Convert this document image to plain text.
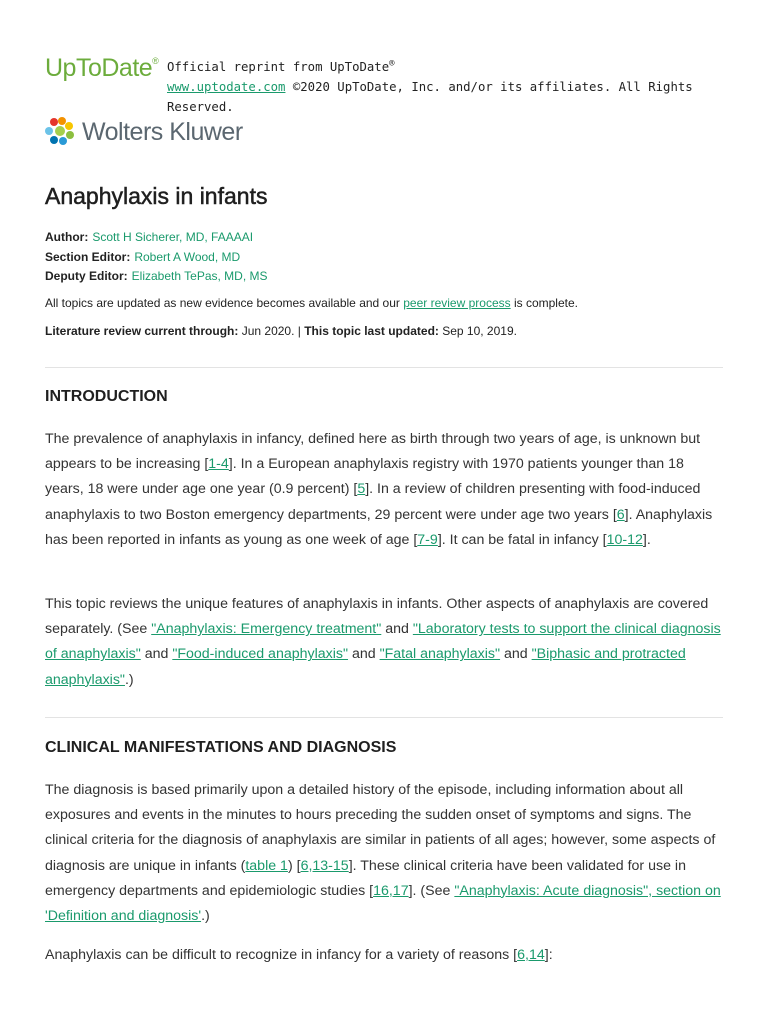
UpToDate® Official reprint from UpToDate®
www.uptodate.com ©2020 UpToDate, Inc. and/or its affiliates. All Rights Reserved.
Wolters Kluwer
Anaphylaxis in infants
Author: Scott H Sicherer, MD, FAAAAI
Section Editor: Robert A Wood, MD
Deputy Editor: Elizabeth TePas, MD, MS
All topics are updated as new evidence becomes available and our peer review process is complete.
Literature review current through: Jun 2020. | This topic last updated: Sep 10, 2019.
INTRODUCTION

The prevalence of anaphylaxis in infancy, defined here as birth through two years of age, is unknown but appears to be increasing [1-4]. In a European anaphylaxis registry with 1970 patients younger than 18 years, 18 were under age one year (0.9 percent) [5]. In a review of children presenting with food-induced anaphylaxis to two Boston emergency departments, 29 percent were under age two years [6]. Anaphylaxis has been reported in infants as young as one week of age [7-9]. It can be fatal in infancy [10-12].

This topic reviews the unique features of anaphylaxis in infants. Other aspects of anaphylaxis are covered separately. (See "Anaphylaxis: Emergency treatment" and "Laboratory tests to support the clinical diagnosis of anaphylaxis" and "Food-induced anaphylaxis" and "Fatal anaphylaxis" and "Biphasic and protracted anaphylaxis".)

CLINICAL MANIFESTATIONS AND DIAGNOSIS

The diagnosis is based primarily upon a detailed history of the episode, including information about all exposures and events in the minutes to hours preceding the sudden onset of symptoms and signs. The clinical criteria for the diagnosis of anaphylaxis are similar in patients of all ages; however, some aspects of diagnosis are unique in infants (table 1) [6,13-15]. These clinical criteria have been validated for use in emergency departments and epidemiologic studies [16,17]. (See "Anaphylaxis: Acute diagnosis", section on 'Definition and diagnosis'.)

Anaphylaxis can be difficult to recognize in infancy for a variety of reasons [6,14]:
